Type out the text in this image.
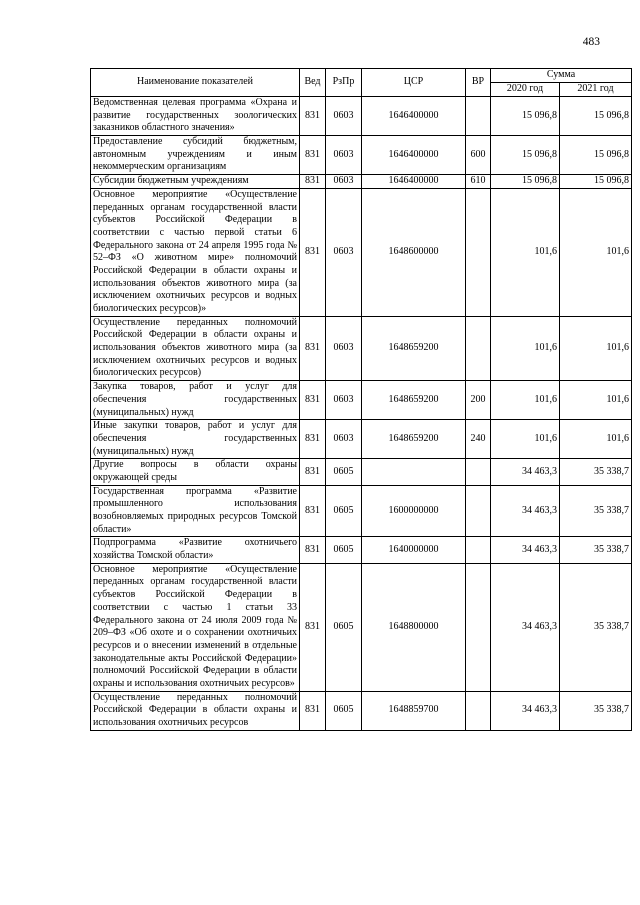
483
Наименование показателей	Вед	РзПр	ЦСР	ВР	Сумма	
					2020 год	2021 год
Ведомственная целевая программа «Охрана и развитие государственных зоологических заказников областного значения»	831	0603	1646400000		15 096,8	15 096,8
Предоставление субсидий бюджетным, автономным учреждениям и иным некоммерческим организациям	831	0603	1646400000	600	15 096,8	15 096,8
Субсидии бюджетным учреждениям	831	0603	1646400000	610	15 096,8	15 096,8
Основное мероприятие «Осуществление переданных органам государственной власти субъектов Российской Федерации в соответствии с частью первой статьи 6 Федерального закона от 24 апреля 1995 года № 52–ФЗ «О животном мире» полномочий Российской Федерации в области охраны и использования объектов животного мира (за исключением охотничьих ресурсов и водных биологических ресурсов)»	831	0603	1648600000		101,6	101,6
Осуществление переданных полномочий Российской Федерации в области охраны и использования объектов животного мира (за исключением охотничьих ресурсов и водных биологических ресурсов)	831	0603	1648659200		101,6	101,6
Закупка товаров, работ и услуг для обеспечения государственных (муниципальных) нужд	831	0603	1648659200	200	101,6	101,6
Иные закупки товаров, работ и услуг для обеспечения государственных (муниципальных) нужд	831	0603	1648659200	240	101,6	101,6
Другие вопросы в области охраны окружающей среды	831	0605			34 463,3	35 338,7
Государственная программа «Развитие промышленного использования возобновляемых природных ресурсов Томской области»	831	0605	1600000000		34 463,3	35 338,7
Подпрограмма «Развитие охотничьего хозяйства Томской области»	831	0605	1640000000		34 463,3	35 338,7
Основное мероприятие «Осуществление переданных органам государственной власти субъектов Российской Федерации в соответствии с частью 1 статьи 33 Федерального закона от 24 июля 2009 года № 209–ФЗ «Об охоте и о сохранении охотничьих ресурсов и о внесении изменений в отдельные законодательные акты Российской Федерации» полномочий Российской Федерации в области охраны и использования охотничьих ресурсов»	831	0605	1648800000		34 463,3	35 338,7
Осуществление переданных полномочий Российской Федерации в области охраны и использования охотничьих ресурсов	831	0605	1648859700		34 463,3	35 338,7
